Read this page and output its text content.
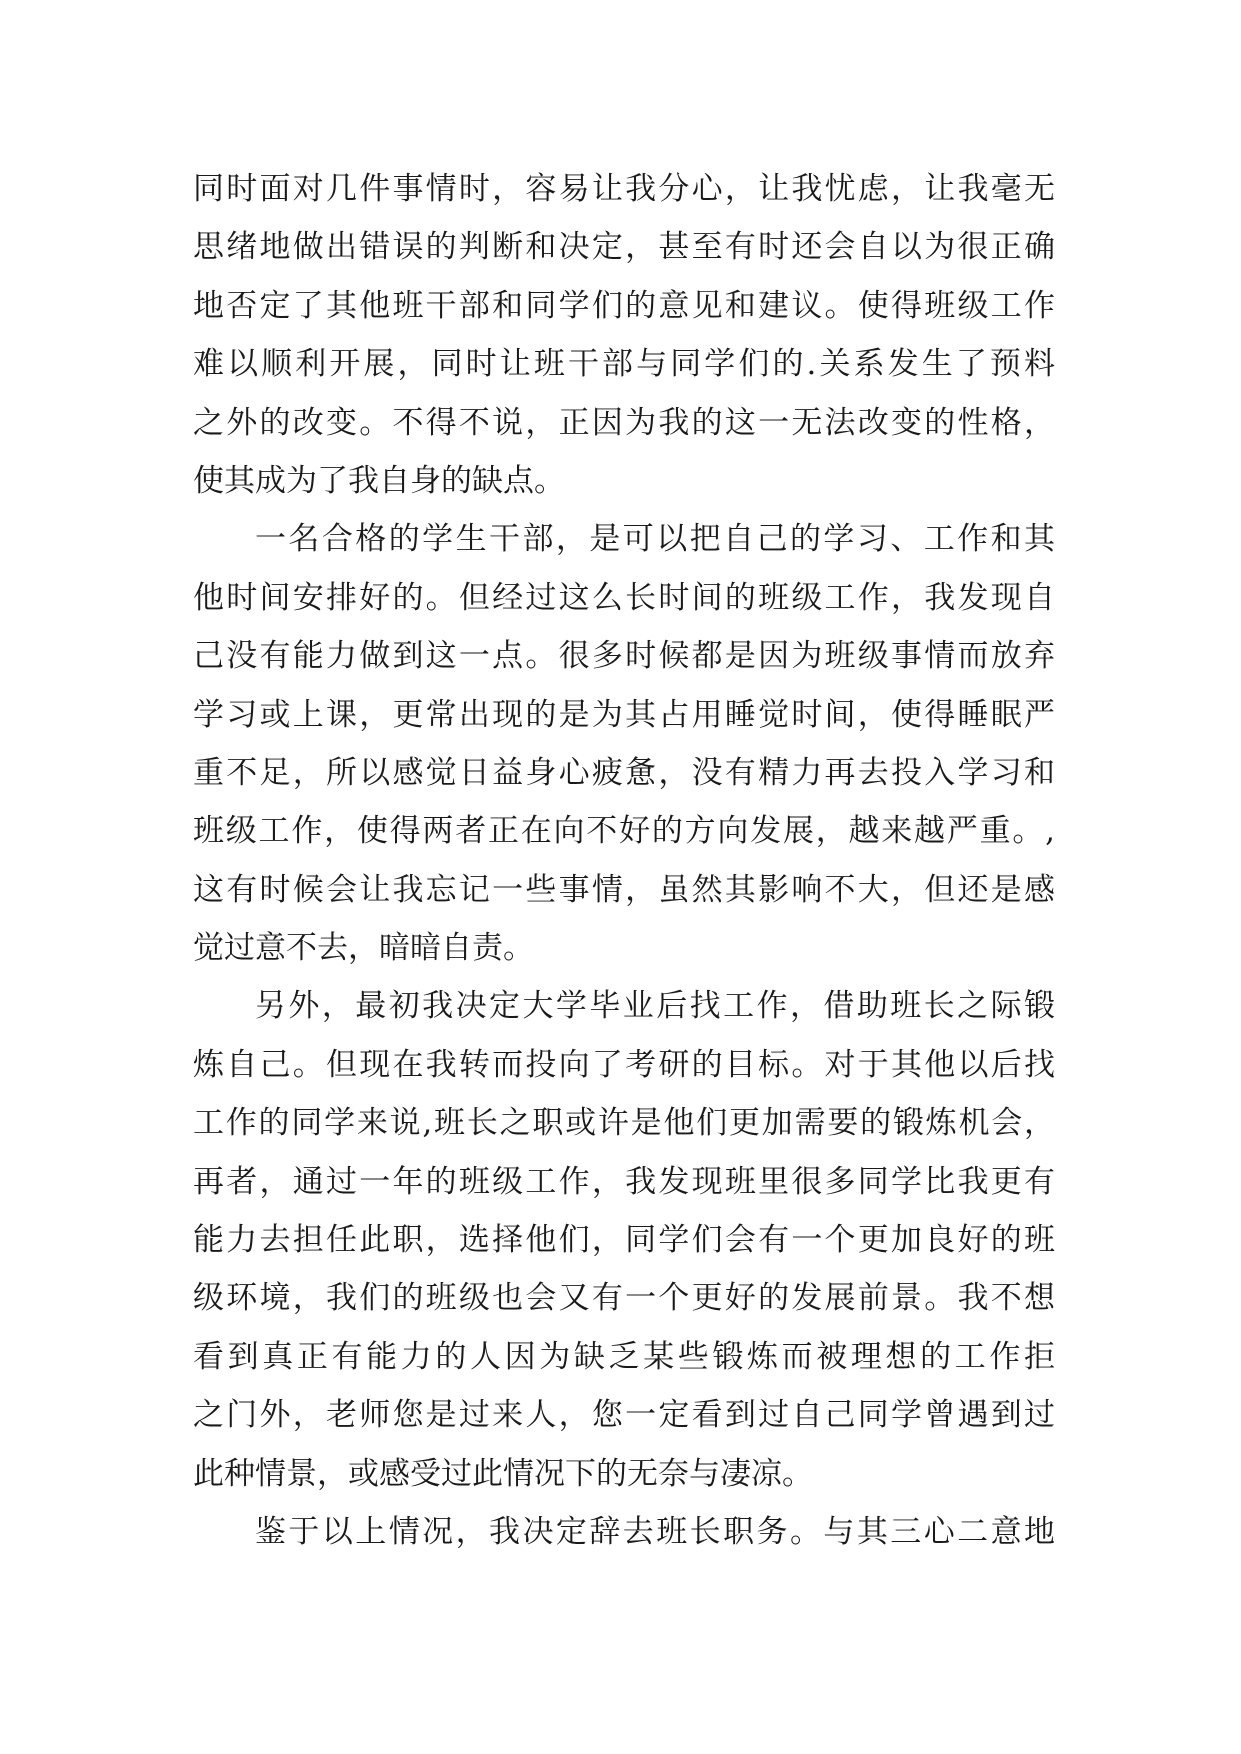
同时面对几件事情时，容易让我分心，让我忧虑，让我毫无
思绪地做出错误的判断和决定，甚至有时还会自以为很正确
地否定了其他班干部和同学们的意见和建议。使得班级工作
难以顺利开展，同时让班干部与同学们的.关系发生了预料
之外的改变。不得不说，正因为我的这一无法改变的性格，
使其成为了我自身的缺点。
一名合格的学生干部，是可以把自己的学习、工作和其
他时间安排好的。但经过这么长时间的班级工作，我发现自
己没有能力做到这一点。很多时候都是因为班级事情而放弃
学习或上课，更常出现的是为其占用睡觉时间，使得睡眠严
重不足，所以感觉日益身心疲惫，没有精力再去投入学习和
班级工作，使得两者正在向不好的方向发展，越来越严重。,
这有时候会让我忘记一些事情，虽然其影响不大，但还是感
觉过意不去，暗暗自责。
另外，最初我决定大学毕业后找工作，借助班长之际锻
炼自己。但现在我转而投向了考研的目标。对于其他以后找
工作的同学来说,班长之职或许是他们更加需要的锻炼机会，
再者，通过一年的班级工作，我发现班里很多同学比我更有
能力去担任此职，选择他们，同学们会有一个更加良好的班
级环境，我们的班级也会又有一个更好的发展前景。我不想
看到真正有能力的人因为缺乏某些锻炼而被理想的工作拒
之门外，老师您是过来人，您一定看到过自己同学曾遇到过
此种情景，或感受过此情况下的无奈与凄凉。
鉴于以上情况，我决定辞去班长职务。与其三心二意地
